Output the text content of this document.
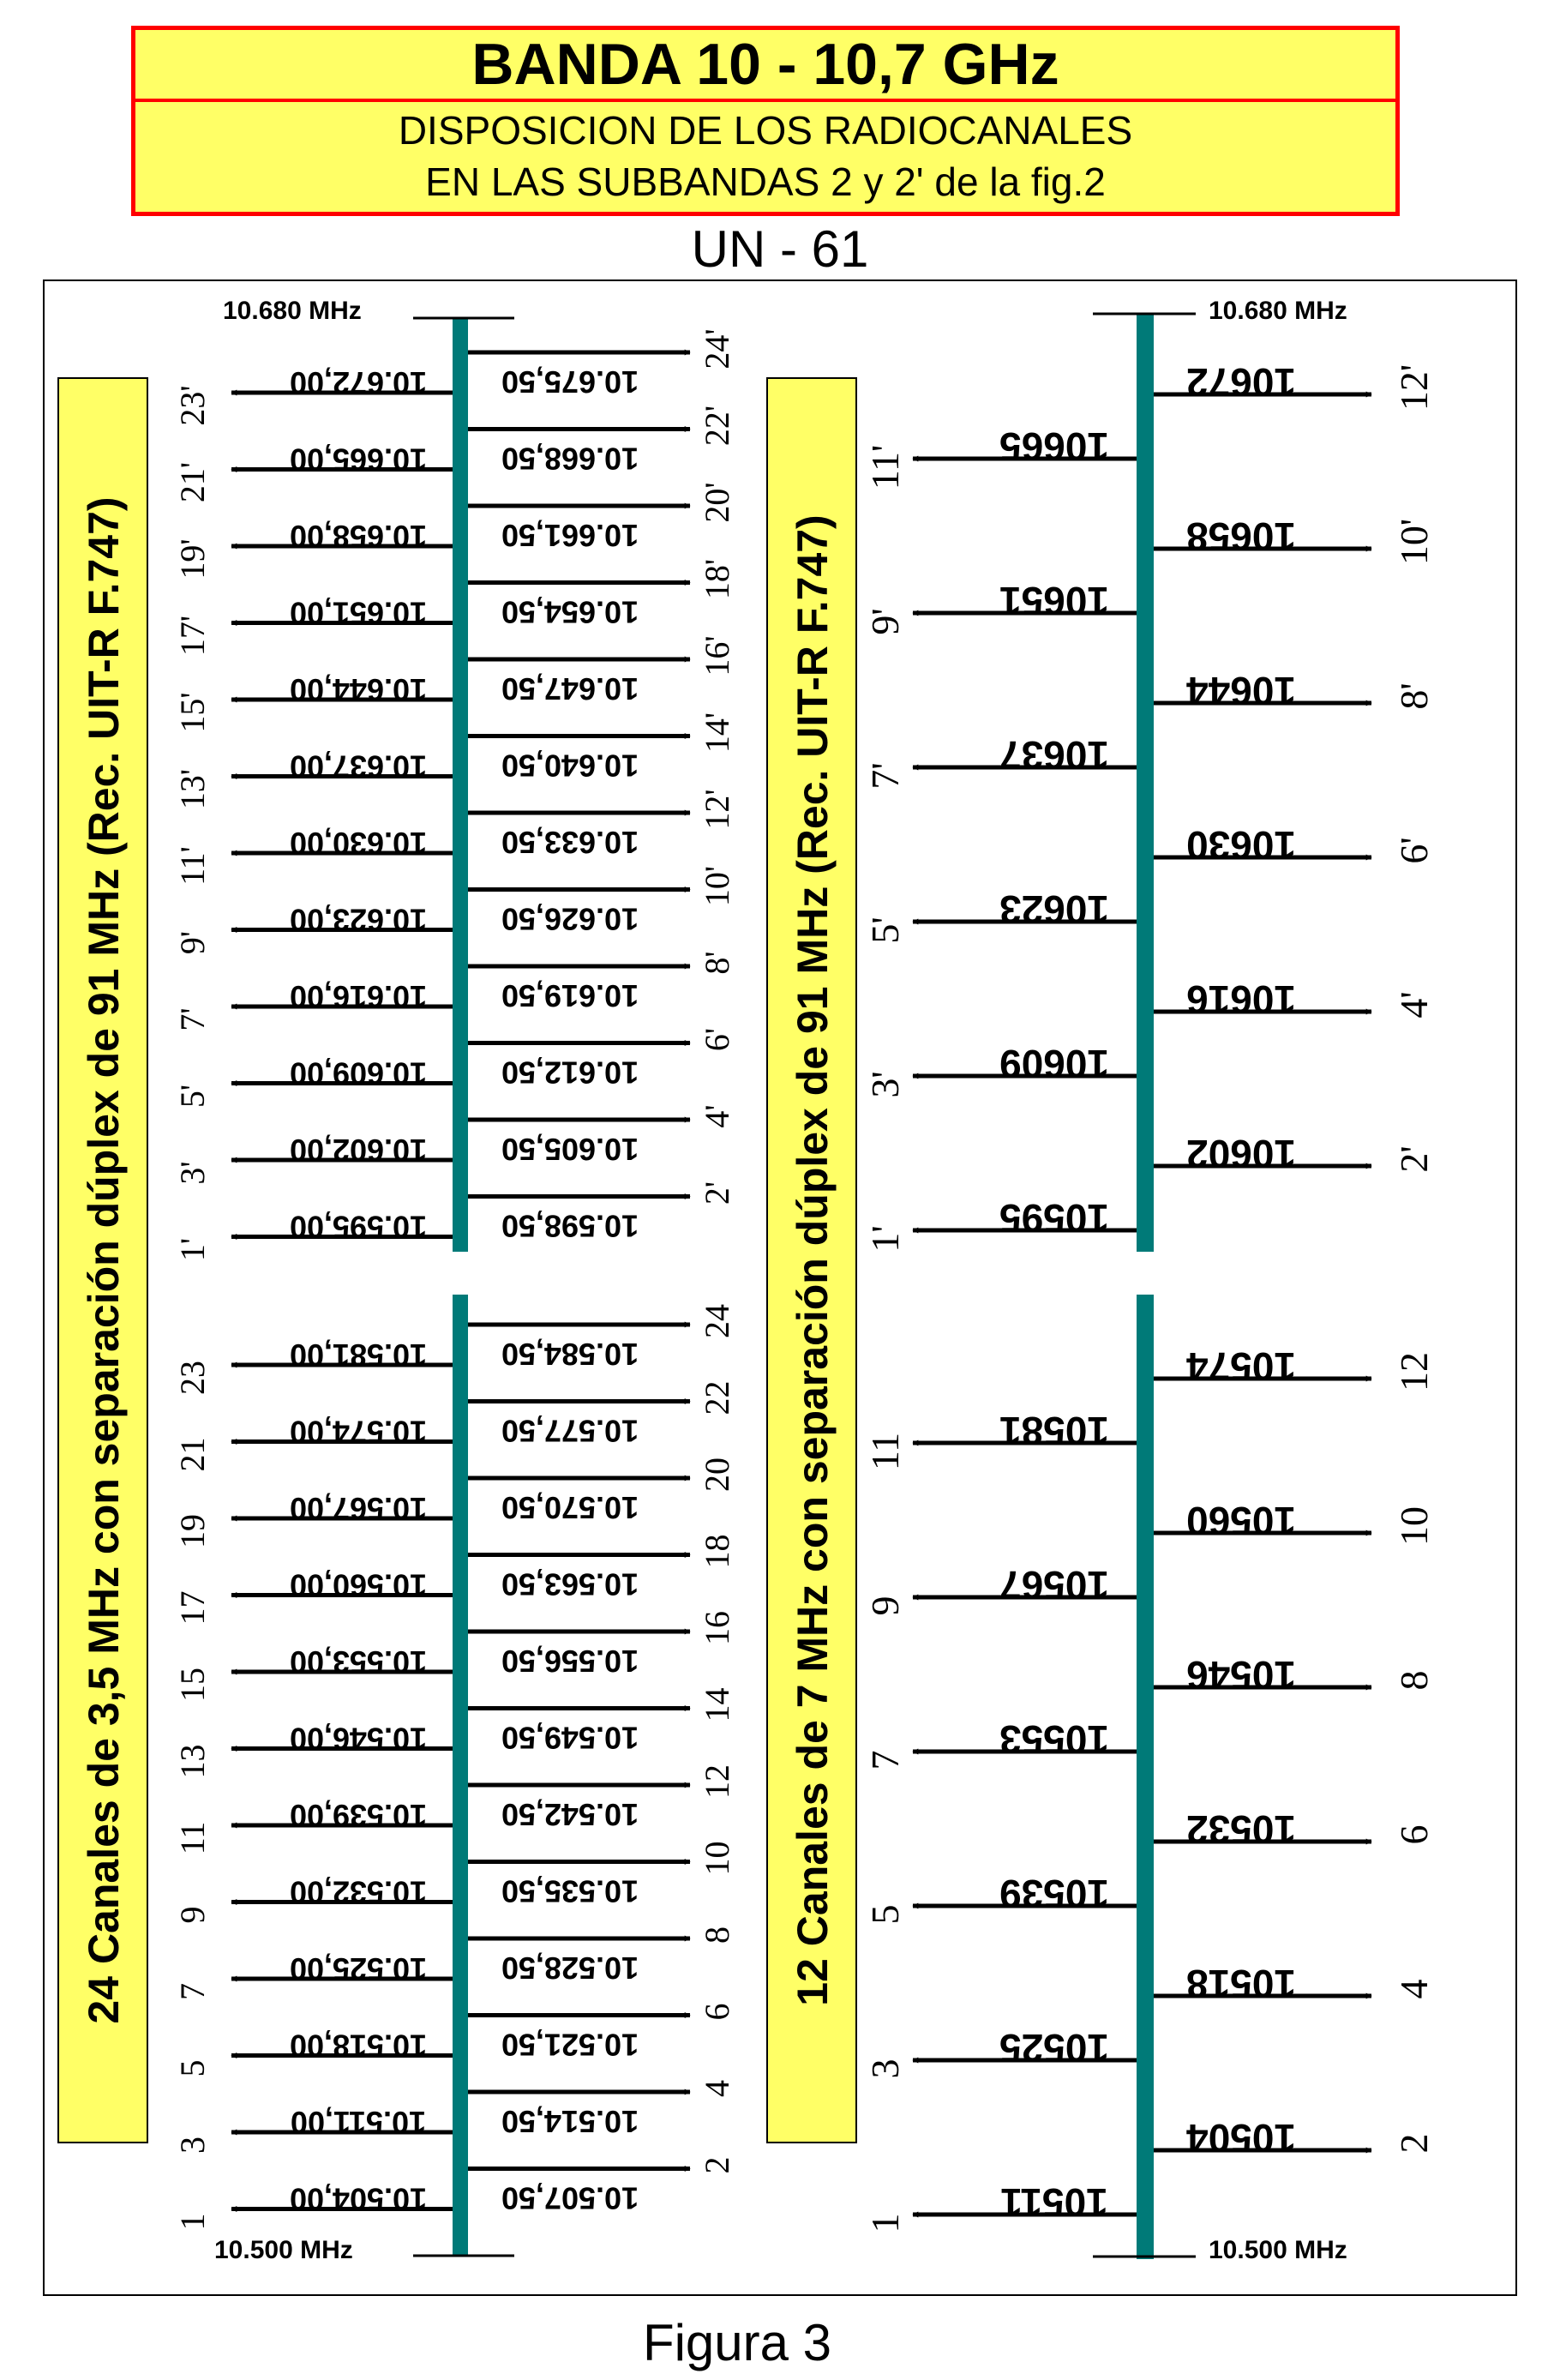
BANDA 10 - 10,7 GHz
DISPOSICION DE LOS RADIOCANALES
EN LAS SUBBANDAS 2 y 2' de la fig.2
UN - 61
10.680 MHz
10.500 MHz
24 Canales de 3,5 MHz con separación dúplex de 91 MHz (Rec. UIT-R F.747)
10.672,00
23'
10.665,00
21'
10.658,00
19'
10.651,00
17'
10.644,00
15'
10.637,00
13'
10.630,00
11'
10.623,00
9'
10.616,00
7'
10.609,00
5'
10.602,00
3'
10.595,00
1'
10.675,50
24'
10.668,50
22'
10.661,50
20'
10.654,50
18'
10.647,50
16'
10.640,50
14'
10.633,50
12'
10.626,50
10'
10.619,50
8'
10.612,50
6'
10.605,50
4'
10.598,50
2'
10.581,00
23
10.574,00
21
10.567,00
19
10.560,00
17
10.553,00
15
10.546,00
13
10.539,00
11
10.532,00
9
10.525,00
7
10.518,00
5
10.511,00
3
10.504,00
1
10.584,50
24
10.577,50
22
10.570,50
20
10.563,50
18
10.556,50
16
10.549,50
14
10.542,50
12
10.535,50
10
10.528,50
8
10.521,50
6
10.514,50
4
10.507,50
2
10.680 MHz
10.500 MHz
12 Canales de 7 MHz con separación dúplex de 91 MHz (Rec. UIT-R F.747)
10672 12'
10658 10'
10644 8'
10630 6'
10616 4'
10602 2'
10665
11'
10651
9'
10637
7'
10623
5'
10609
3'
10595
1'
10574 12
10560 10
10546 8
10532 6
10518 4
10504 2
10581
11
10567
9
10553
7
10539
5
10525
3
10511
1
Figura 3
